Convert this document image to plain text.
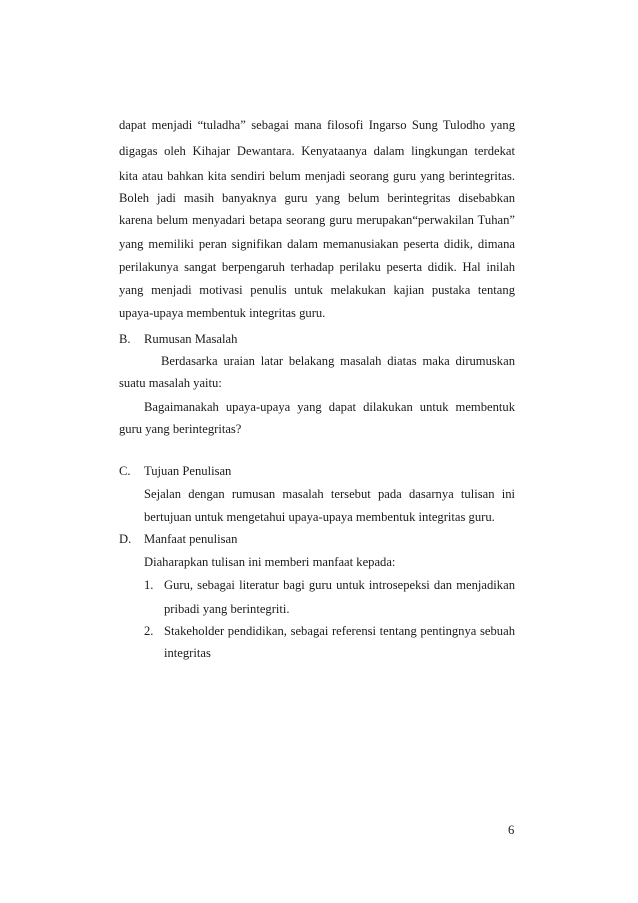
dapat menjadi “tuladha” sebagai mana filosofi Ingarso Sung Tulodho yang
digagas oleh Kihajar Dewantara. Kenyataanya dalam lingkungan terdekat
kita atau bahkan kita sendiri belum menjadi seorang guru yang berintegritas.
Boleh jadi masih banyaknya guru yang belum berintegritas disebabkan
karena belum menyadari betapa seorang guru merupakan“perwakilan Tuhan”
yang memiliki peran signifikan dalam memanusiakan peserta didik, dimana
perilakunya sangat berpengaruh terhadap perilaku peserta didik. Hal inilah
yang menjadi motivasi penulis untuk melakukan kajian pustaka tentang
upaya-upaya membentuk integritas guru.
B. Rumusan Masalah
Berdasarka uraian latar belakang masalah diatas maka dirumuskan
suatu masalah yaitu:
Bagaimanakah upaya-upaya yang dapat dilakukan untuk membentuk
guru yang berintegritas?
C. Tujuan Penulisan
Sejalan dengan rumusan masalah tersebut pada dasarnya tulisan ini
bertujuan untuk mengetahui upaya-upaya membentuk integritas guru.
D. Manfaat penulisan
Diaharapkan tulisan ini memberi manfaat kepada:
1. Guru, sebagai literatur bagi guru untuk introsepeksi dan menjadikan
pribadi yang berintegriti.
2. Stakeholder pendidikan, sebagai referensi tentang pentingnya sebuah
integritas
6
